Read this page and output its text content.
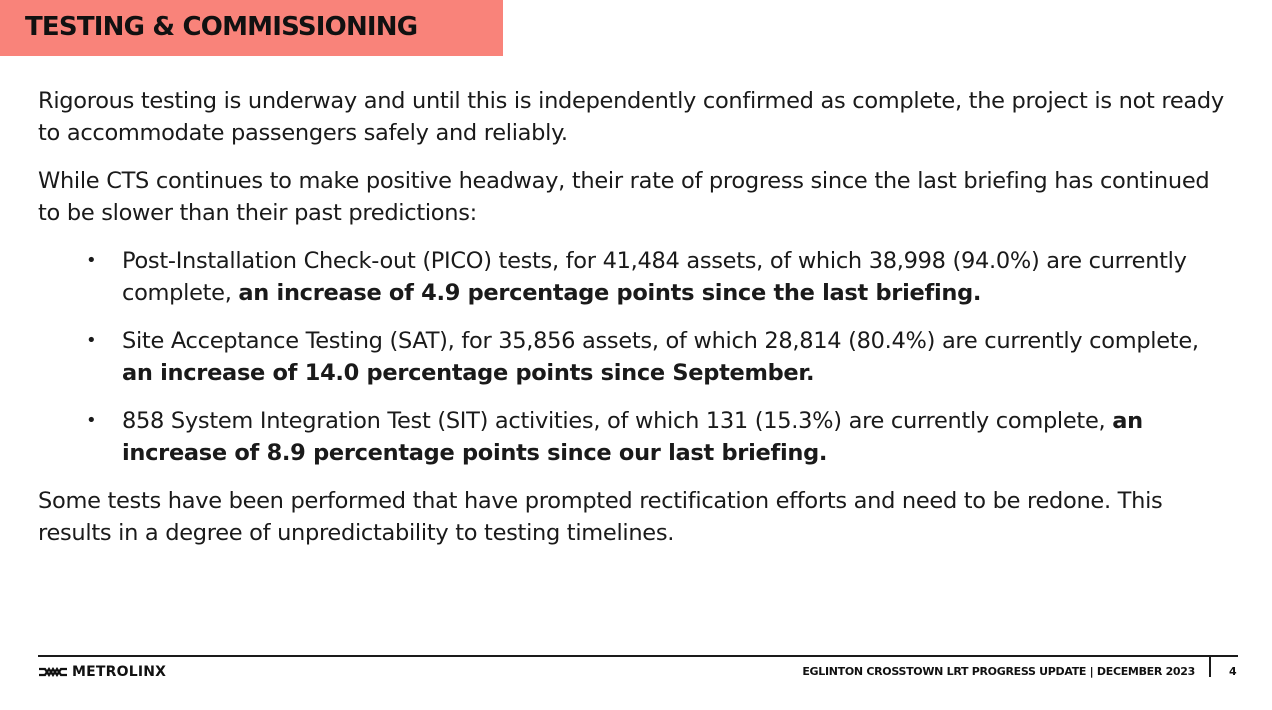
TESTING & COMMISSIONING

Rigorous testing is underway and until this is independently confirmed as complete, the project is not ready to accommodate passengers safely and reliably.

While CTS continues to make positive headway, their rate of progress since the last briefing has continued to be slower than their past predictions:

• Post-Installation Check-out (PICO) tests, for 41,484 assets, of which 38,998 (94.0%) are currently complete, an increase of 4.9 percentage points since the last briefing.
• Site Acceptance Testing (SAT), for 35,856 assets, of which 28,814 (80.4%) are currently complete, an increase of 14.0 percentage points since September.
• 858 System Integration Test (SIT) activities, of which 131 (15.3%) are currently complete, an increase of 8.9 percentage points since our last briefing.

Some tests have been performed that have prompted rectification efforts and need to be redone. This results in a degree of unpredictability to testing timelines.

METROLINX	EGLINTON CROSSTOWN LRT PROGRESS UPDATE | DECEMBER 2023	4
